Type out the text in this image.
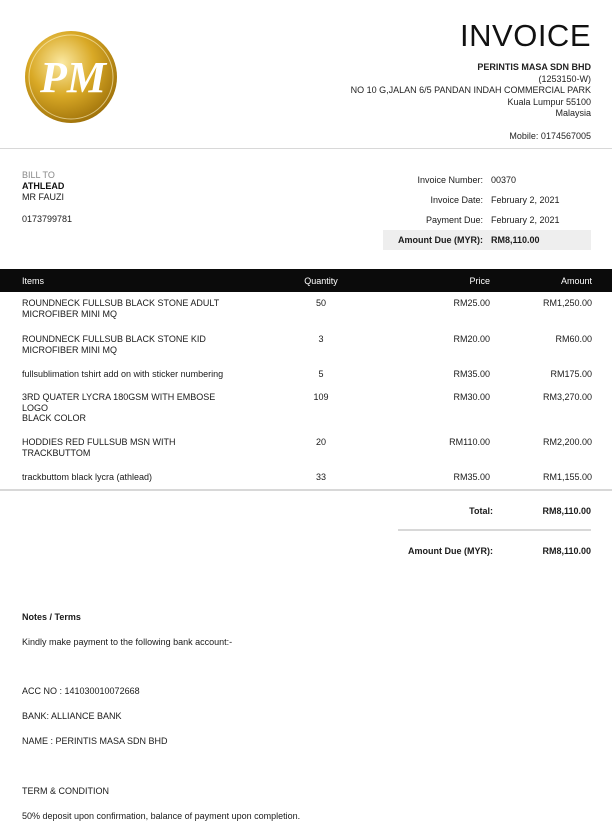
PM
INVOICE
PERINTIS MASA SDN BHD
(1253150-W)
NO 10 G,JALAN 6/5 PANDAN INDAH COMMERCIAL PARK
Kuala Lumpur 55100
Malaysia
Mobile: 0174567005
BILL TO
ATHLEAD
MR FAUZI
0173799781
Invoice Number: 00370
Invoice Date: February 2, 2021
Payment Due: February 2, 2021
Amount Due (MYR): RM8,110.00
Items	Quantity	Price	Amount
ROUNDNECK FULLSUB BLACK STONE ADULT
MICROFIBER MINI MQ
50	RM25.00	RM1,250.00
ROUNDNECK FULLSUB BLACK STONE KID
MICROFIBER MINI MQ
3	RM20.00	RM60.00
fullsublimation tshirt add on with sticker numbering	5	RM35.00	RM175.00
3RD QUATER LYCRA 180GSM WITH EMBOSE
LOGO
BLACK COLOR
109	RM30.00	RM3,270.00
HODDIES RED FULLSUB MSN WITH
TRACKBUTTOM
20	RM110.00	RM2,200.00
trackbuttom black lycra (athlead)	33	RM35.00	RM1,155.00
Total:	RM8,110.00
Amount Due (MYR):	RM8,110.00

Notes / Terms

Kindly make payment to the following bank account:-

ACC NO : 141030010072668

BANK: ALLIANCE BANK

NAME : PERINTIS MASA SDN BHD

TERM & CONDITION

50% deposit upon confirmation, balance of payment upon completion.
